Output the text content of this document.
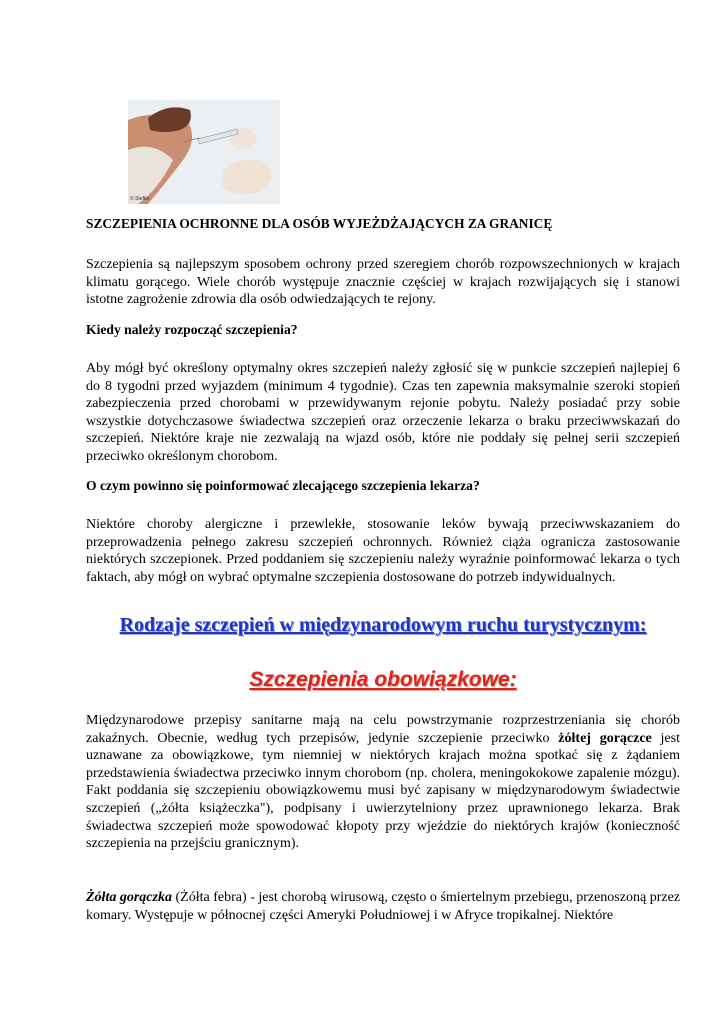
© Stefko
SZCZEPIENIA OCHRONNE DLA OSÓB WYJEŻDŻAJĄCYCH ZA GRANICĘ

Szczepienia są najlepszym sposobem ochrony przed szeregiem chorób rozpowszechnionych w krajach klimatu gorącego. Wiele chorób występuje znacznie częściej w krajach rozwijających się i stanowi istotne zagrożenie zdrowia dla osób odwiedzających te rejony.

Kiedy należy rozpocząć szczepienia?

Aby mógł być określony optymalny okres szczepień należy zgłosić się w punkcie szczepień najlepiej 6 do 8 tygodni przed wyjazdem (minimum 4 tygodnie). Czas ten zapewnia maksymalnie szeroki stopień zabezpieczenia przed chorobami w przewidywanym rejonie pobytu. Należy posiadać przy sobie wszystkie dotychczasowe świadectwa szczepień oraz orzeczenie lekarza o braku przeciwwskazań do szczepień. Niektóre kraje nie zezwalają na wjazd osób, które nie poddały się pełnej serii szczepień przeciwko określonym chorobom.

O czym powinno się poinformować zlecającego szczepienia lekarza?

Niektóre choroby alergiczne i przewlekłe, stosowanie leków bywają przeciwwskazaniem do przeprowadzenia pełnego zakresu szczepień ochronnych. Również ciąża ogranicza zastosowanie niektórych szczepionek. Przed poddaniem się szczepieniu należy wyraźnie poinformować lekarza o tych faktach, aby mógł on wybrać optymalne szczepienia dostosowane do potrzeb indywidualnych.

Rodzaje szczepień w międzynarodowym ruchu turystycznym:
Szczepienia obowiązkowe:

Międzynarodowe przepisy sanitarne mają na celu powstrzymanie rozprzestrzeniania się chorób zakaźnych. Obecnie, według tych przepisów, jedynie szczepienie przeciwko żółtej gorączce jest uznawane za obowiązkowe, tym niemniej w niektórych krajach można spotkać się z żądaniem przedstawienia świadectwa przeciwko innym chorobom (np. cholera, meningokokowe zapalenie mózgu). Fakt poddania się szczepieniu obowiązkowemu musi być zapisany w międzynarodowym świadectwie szczepień („żółta książeczka"), podpisany i uwierzytelniony przez uprawnionego lekarza. Brak świadectwa szczepień może spowodować kłopoty przy wjeździe do niektórych krajów (konieczność szczepienia na przejściu granicznym).

Żółta gorączka (Żółta febra) - jest chorobą wirusową, często o śmiertelnym przebiegu, przenoszoną przez komary. Występuje w północnej części Ameryki Południowej i w Afryce tropikalnej. Niektóre
